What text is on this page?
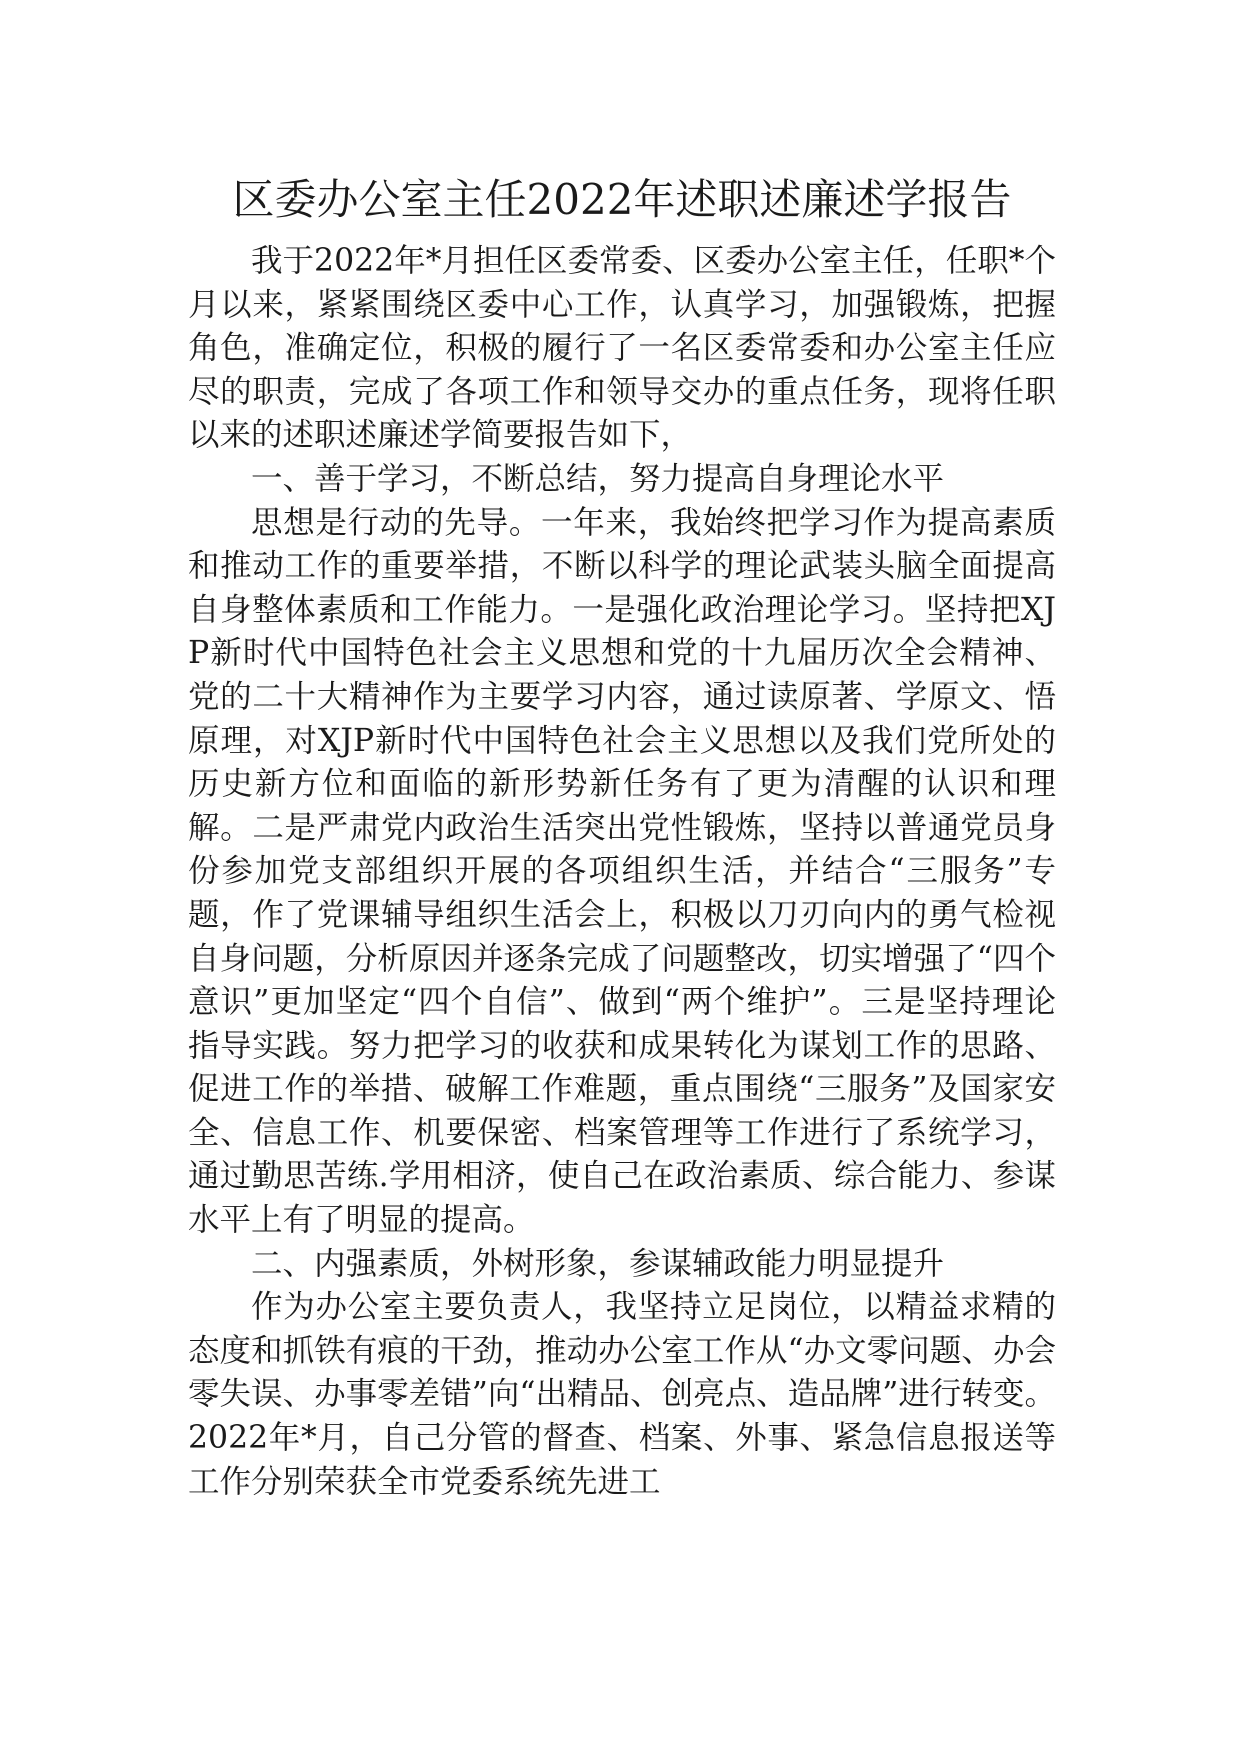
区委办公室主任2022年述职述廉述学报告

我于2022年*月担任区委常委、区委办公室主任，任职*个月以来，紧紧围绕区委中心工作，认真学习，加强锻炼，把握角色，准确定位，积极的履行了一名区委常委和办公室主任应尽的职责，完成了各项工作和领导交办的重点任务，现将任职以来的述职述廉述学简要报告如下，

一、善于学习，不断总结，努力提高自身理论水平

思想是行动的先导。一年来，我始终把学习作为提高素质和推动工作的重要举措，不断以科学的理论武装头脑全面提高自身整体素质和工作能力。一是强化政治理论学习。坚持把XJP新时代中国特色社会主义思想和党的十九届历次全会精神、党的二十大精神作为主要学习内容，通过读原著、学原文、悟原理，对XJP新时代中国特色社会主义思想以及我们党所处的历史新方位和面临的新形势新任务有了更为清醒的认识和理解。二是严肃党内政治生活突出党性锻炼，坚持以普通党员身份参加党支部组织开展的各项组织生活，并结合“三服务”专题，作了党课辅导组织生活会上，积极以刀刃向内的勇气检视自身问题，分析原因并逐条完成了问题整改，切实增强了“四个意识”更加坚定“四个自信”、做到“两个维护”。三是坚持理论指导实践。努力把学习的收获和成果转化为谋划工作的思路、促进工作的举措、破解工作难题，重点围绕“三服务”及国家安全、信息工作、机要保密、档案管理等工作进行了系统学习，通过勤思苦练.学用相济，使自己在政治素质、综合能力、参谋水平上有了明显的提高。

二、内强素质，外树形象，参谋辅政能力明显提升

作为办公室主要负责人，我坚持立足岗位，以精益求精的态度和抓铁有痕的干劲，推动办公室工作从“办文零问题、办会零失误、办事零差错”向“出精品、创亮点、造品牌”进行转变。2022年*月，自己分管的督查、档案、外事、紧急信息报送等工作分别荣获全市党委系统先进工
